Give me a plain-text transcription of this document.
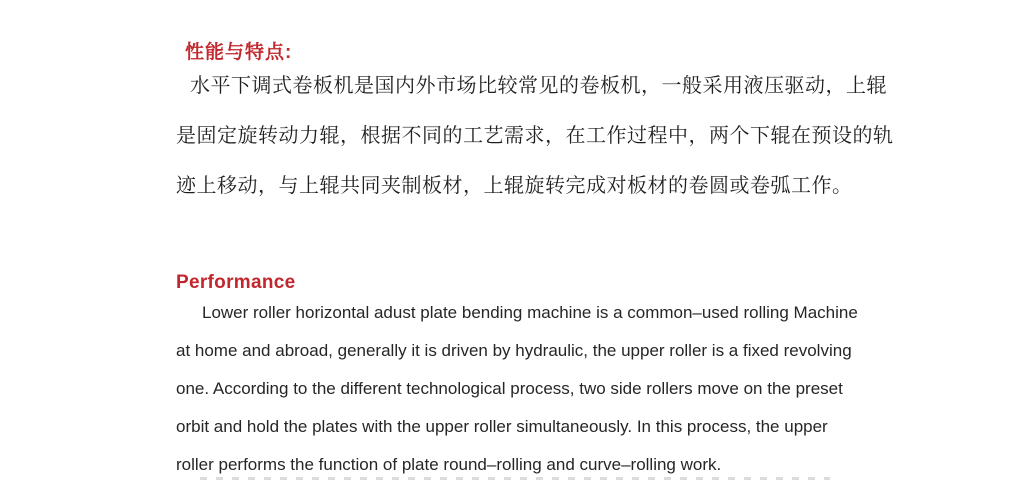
性能与特点:
水平下调式卷板机是国内外市场比较常见的卷板机，一般采用液压驱动，上辊
是固定旋转动力辊，根据不同的工艺需求，在工作过程中，两个下辊在预设的轨
迹上移动，与上辊共同夹制板材，上辊旋转完成对板材的卷圆或卷弧工作。
Performance
Lower roller horizontal adust plate bending machine is a common–used rolling Machine
at home and abroad, generally it is driven by hydraulic, the upper roller is a fixed revolving
one. According to the different technological process, two side rollers move on the preset
orbit and hold the plates with the upper roller simultaneously. In this process, the upper
roller performs the function of plate round–rolling and curve–rolling work.
